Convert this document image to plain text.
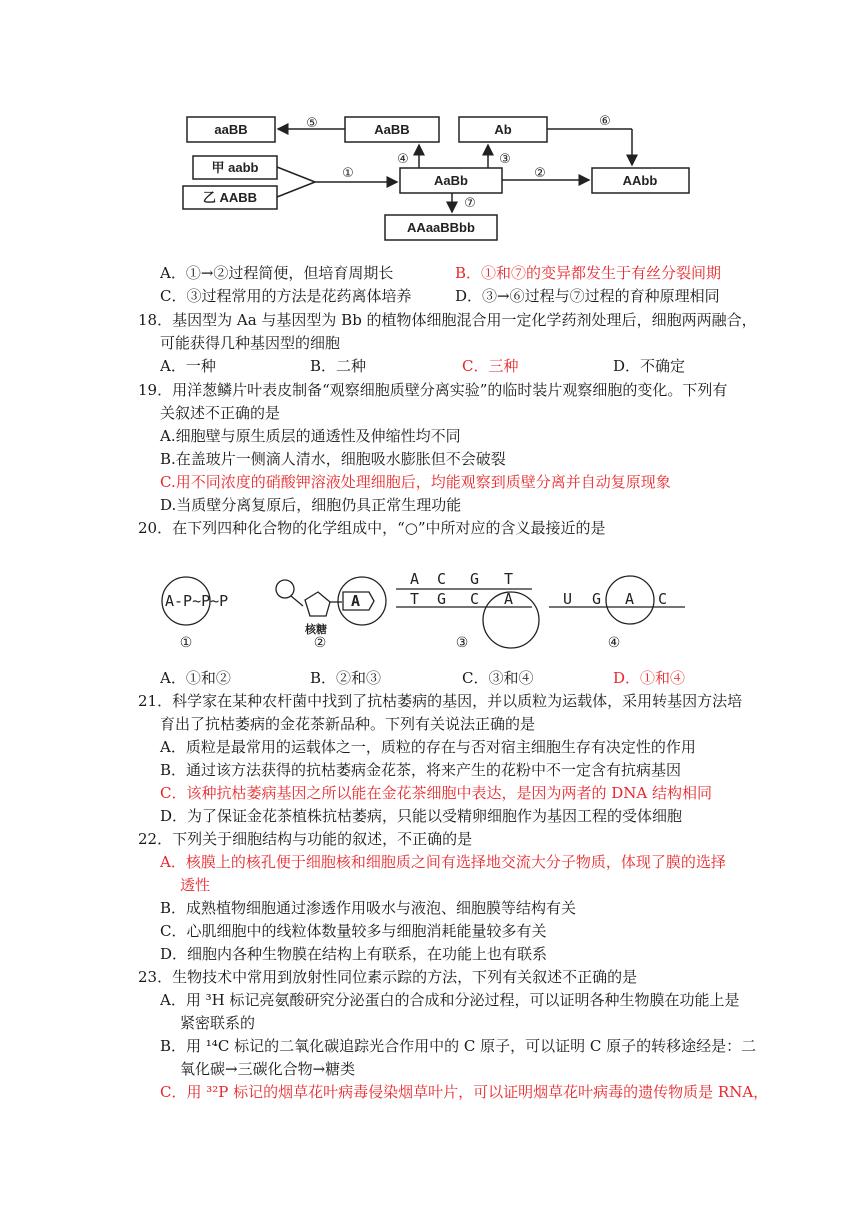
aaBB	AaBB	Ab
甲 aabb
乙 AABB
AaBb	AAbb
AAaaBBbb
⑤	⑥
④	③
①	②
⑦
A．①→②过程简便，但培育周期长	B．①和⑦的变异都发生于有丝分裂间期
C．③过程常用的方法是花药离体培养	D．③→⑥过程与⑦过程的育种原理相同
18．基因型为 Aa 与基因型为 Bb 的植物体细胞混合用一定化学药剂处理后，细胞两两融合，
可能获得几种基因型的细胞
A．一种	B．二种	C．三种	D．不确定
19．用洋葱鳞片叶表皮制备“观察细胞质壁分离实验”的临时装片观察细胞的变化。下列有
关叙述不正确的是
A.细胞壁与原生质层的通透性及伸缩性均不同
B.在盖玻片一侧滴人清水，细胞吸水膨胀但不会破裂
C.用不同浓度的硝酸钾溶液处理细胞后，均能观察到质壁分离并自动复原现象
D.当质壁分离复原后，细胞仍具正常生理功能
20．在下列四种化合物的化学组成中，“○”中所对应的含义最接近的是
A-P~P~P	A
A C G T
T G C A	U G A C
核糖
①	②	③	④
A．①和②	B．②和③	C．③和④	D．①和④
21．科学家在某种农杆菌中找到了抗枯萎病的基因，并以质粒为运载体，采用转基因方法培
育出了抗枯萎病的金花茶新品种。下列有关说法正确的是
A．质粒是最常用的运载体之一，质粒的存在与否对宿主细胞生存有决定性的作用
B．通过该方法获得的抗枯萎病金花茶，将来产生的花粉中不一定含有抗病基因
C．该种抗枯萎病基因之所以能在金花茶细胞中表达，是因为两者的 DNA 结构相同
D．为了保证金花茶植株抗枯萎病，只能以受精卵细胞作为基因工程的受体细胞
22．下列关于细胞结构与功能的叙述，不正确的是
A．核膜上的核孔便于细胞核和细胞质之间有选择地交流大分子物质，体现了膜的选择
透性
B．成熟植物细胞通过渗透作用吸水与液泡、细胞膜等结构有关
C．心肌细胞中的线粒体数量较多与细胞消耗能量较多有关
D．细胞内各种生物膜在结构上有联系，在功能上也有联系
23．生物技术中常用到放射性同位素示踪的方法，下列有关叙述不正确的是
A．用 ³H 标记亮氨酸研究分泌蛋白的合成和分泌过程，可以证明各种生物膜在功能上是
紧密联系的
B．用 ¹⁴C 标记的二氧化碳追踪光合作用中的 C 原子，可以证明 C 原子的转移途经是：二
氧化碳→三碳化合物→糖类
C．用 ³²P 标记的烟草花叶病毒侵染烟草叶片，可以证明烟草花叶病毒的遗传物质是 RNA，
